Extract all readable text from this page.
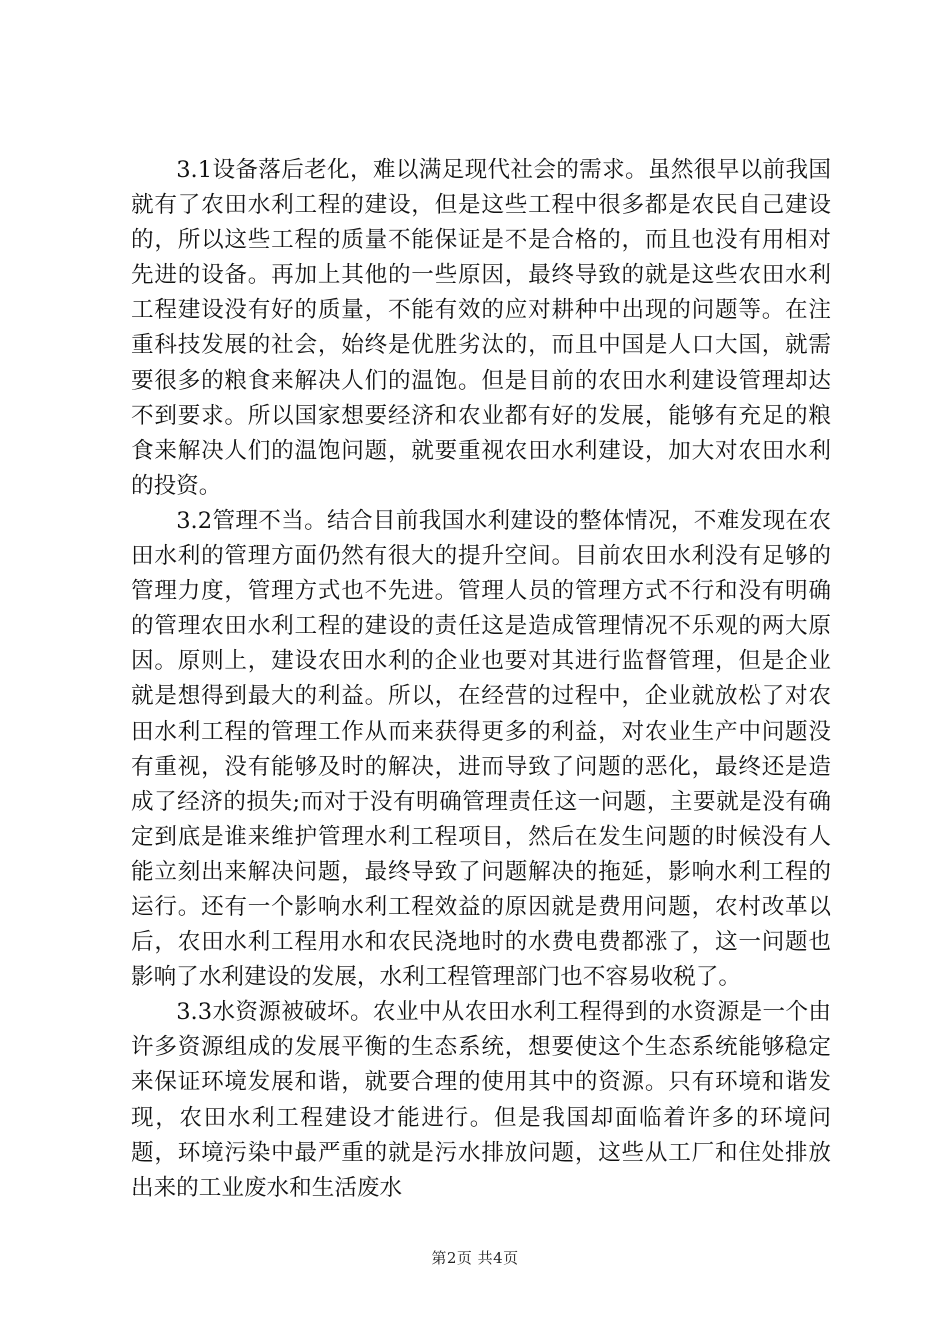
3.1设备落后老化，难以满足现代社会的需求。虽然很早以前我国就有了农田水利工程的建设，但是这些工程中很多都是农民自己建设的，所以这些工程的质量不能保证是不是合格的，而且也没有用相对先进的设备。再加上其他的一些原因，最终导致的就是这些农田水利工程建设没有好的质量，不能有效的应对耕种中出现的问题等。在注重科技发展的社会，始终是优胜劣汰的，而且中国是人口大国，就需要很多的粮食来解决人们的温饱。但是目前的农田水利建设管理却达不到要求。所以国家想要经济和农业都有好的发展，能够有充足的粮食来解决人们的温饱问题，就要重视农田水利建设，加大对农田水利的投资。

3.2管理不当。结合目前我国水利建设的整体情况，不难发现在农田水利的管理方面仍然有很大的提升空间。目前农田水利没有足够的管理力度，管理方式也不先进。管理人员的管理方式不行和没有明确的管理农田水利工程的建设的责任这是造成管理情况不乐观的两大原因。原则上，建设农田水利的企业也要对其进行监督管理，但是企业就是想得到最大的利益。所以，在经营的过程中，企业就放松了对农田水利工程的管理工作从而来获得更多的利益，对农业生产中问题没有重视，没有能够及时的解决，进而导致了问题的恶化，最终还是造成了经济的损失;而对于没有明确管理责任这一问题，主要就是没有确定到底是谁来维护管理水利工程项目，然后在发生问题的时候没有人能立刻出来解决问题，最终导致了问题解决的拖延，影响水利工程的运行。还有一个影响水利工程效益的原因就是费用问题，农村改革以后，农田水利工程用水和农民浇地时的水费电费都涨了，这一问题也影响了水利建设的发展，水利工程管理部门也不容易收税了。

3.3水资源被破坏。农业中从农田水利工程得到的水资源是一个由许多资源组成的发展平衡的生态系统，想要使这个生态系统能够稳定来保证环境发展和谐，就要合理的使用其中的资源。只有环境和谐发现，农田水利工程建设才能进行。但是我国却面临着许多的环境问题，环境污染中最严重的就是污水排放问题，这些从工厂和住处排放出来的工业废水和生活废水

第2页 共4页
